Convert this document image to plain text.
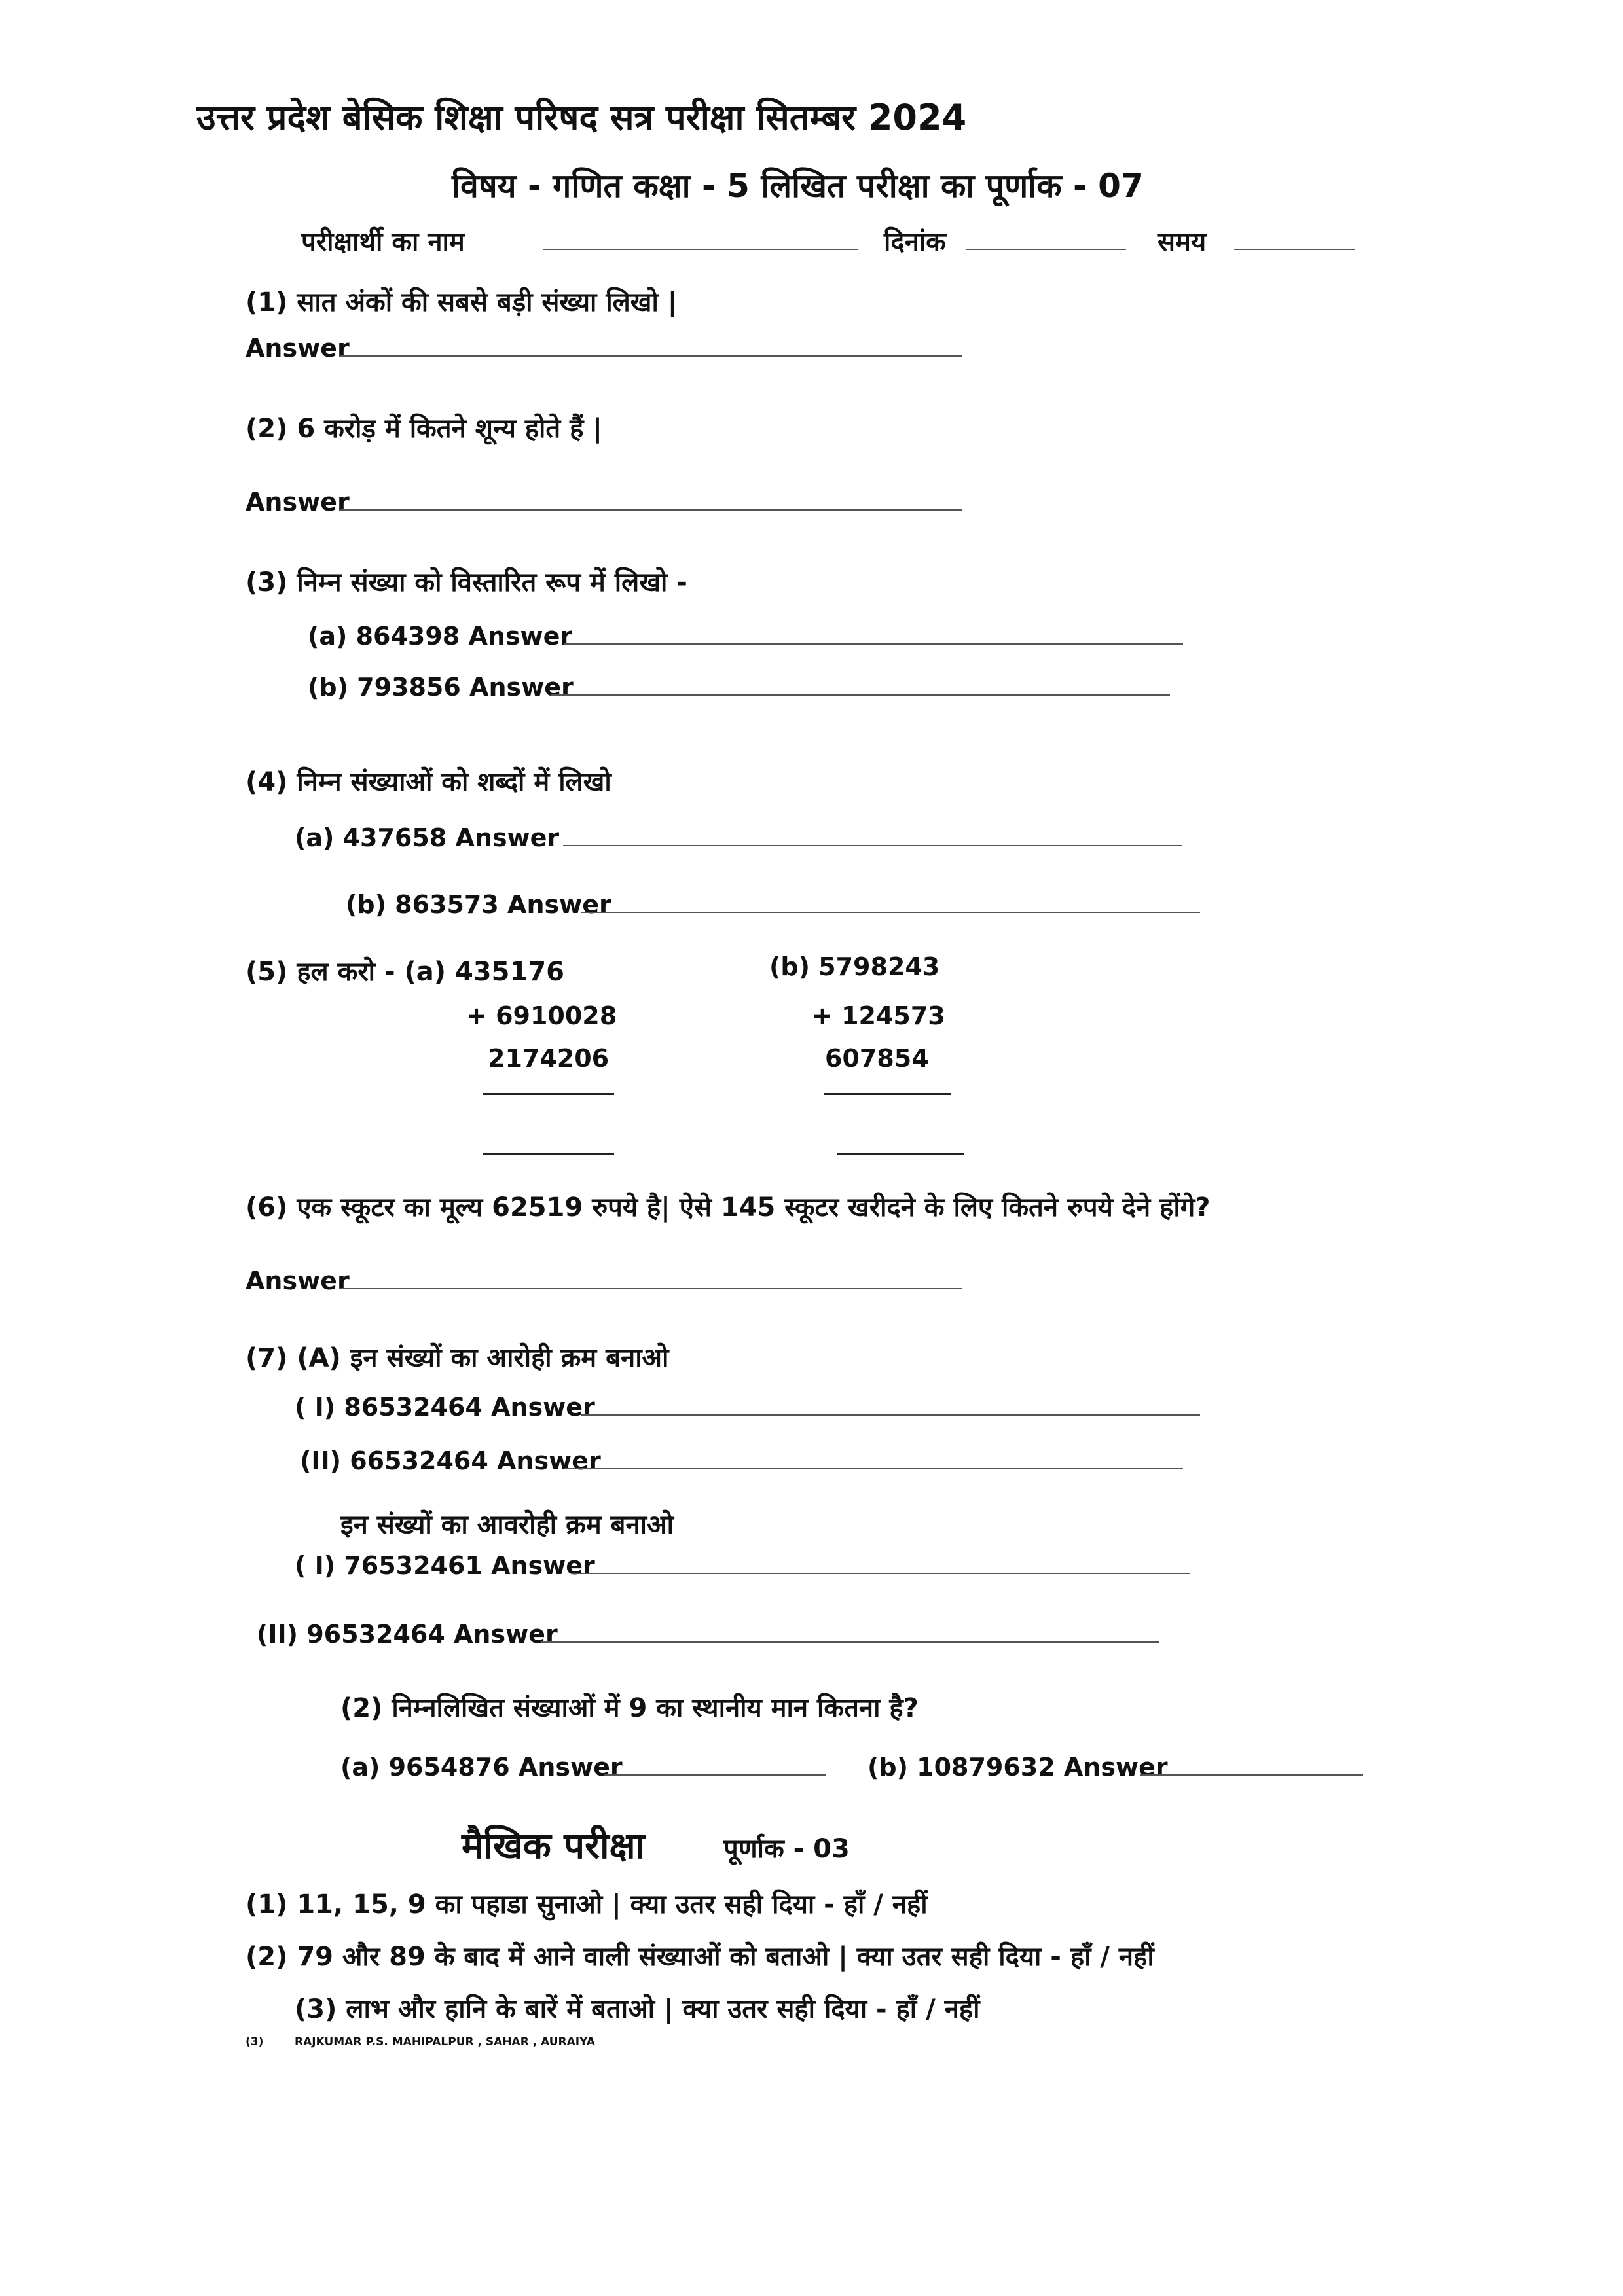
उत्तर प्रदेश बेसिक शिक्षा परिषद सत्र परीक्षा सितम्बर 2024
विषय - गणित कक्षा - 5 लिखित परीक्षा का पूर्णाक - 07
परीक्षार्थी का नाम	दिनांक	समय
(1) सात अंकों की सबसे बड़ी संख्या लिखो |
Answer
(2) 6 करोड़ में कितने शून्य होते हैं |
Answer
(3) निम्न संख्या को विस्तारित रूप में लिखो -
(a) 864398 Answer
(b) 793856 Answer
(4) निम्न संख्याओं को शब्दों में लिखो
(a) 437658 Answer
(b) 863573 Answer
(5) हल करो - (a) 435176
+ 6910028
2174206
(b) 5798243
+ 124573
607854
(6) एक स्कूटर का मूल्य 62519 रुपये है| ऐसे 145 स्कूटर खरीदने के लिए कितने रुपये देने होंगे?
Answer
(7) (A) इन संख्यों का आरोही क्रम बनाओ
( I) 86532464 Answer
(II) 66532464 Answer
इन संख्यों का आवरोही क्रम बनाओ
( I) 76532461 Answer
(II) 96532464 Answer
(2) निम्नलिखित संख्याओं में 9 का स्थानीय मान कितना है?
(a) 9654876 Answer	(b) 10879632 Answer
मैखिक परीक्षा	पूर्णाक - 03
(1) 11, 15, 9 का पहाडा सुनाओ | क्या उतर सही दिया - हाँ / नहीं
(2) 79 और 89 के बाद में आने वाली संख्याओं को बताओ | क्या उतर सही दिया - हाँ / नहीं
(3) लाभ और हानि के बारें में बताओ | क्या उतर सही दिया - हाँ / नहीं
(3)	RAJKUMAR P.S. MAHIPALPUR , SAHAR , AURAIYA
